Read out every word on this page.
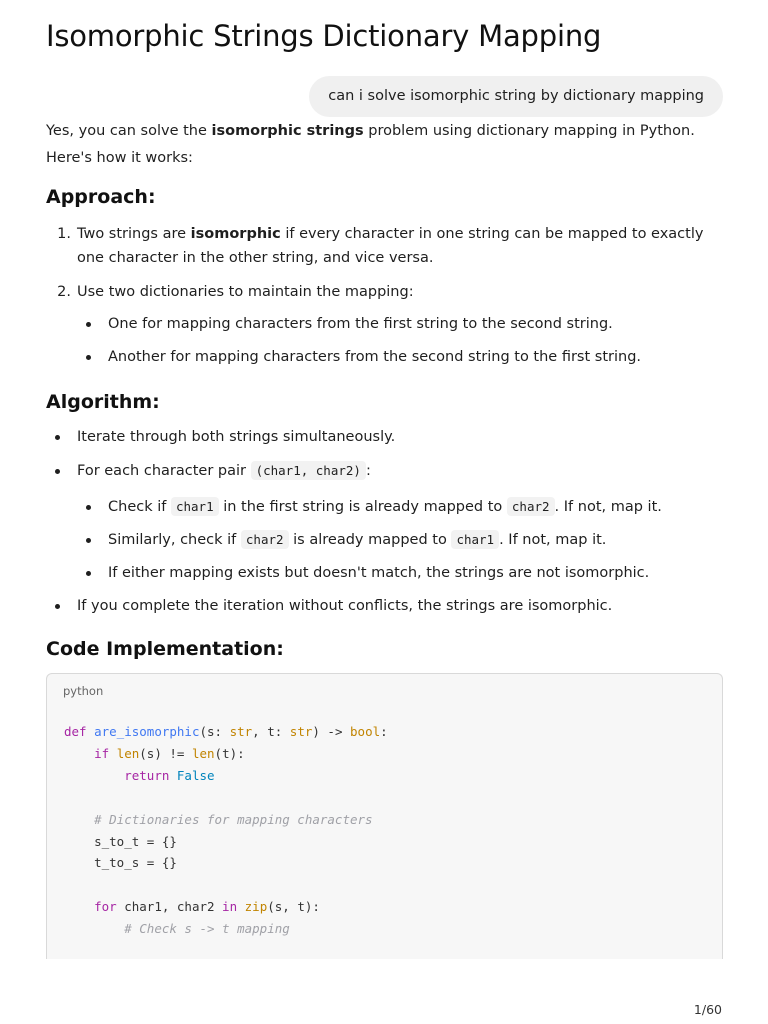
Isomorphic Strings Dictionary Mapping
can i solve isomorphic string by dictionary mapping

Yes, you can solve the isomorphic strings problem using dictionary mapping in Python.
Here's how it works:

Approach:
1. Two strings are isomorphic if every character in one string can be mapped to exactly
one character in the other string, and vice versa.

2. Use two dictionaries to maintain the mapping:

One for mapping characters from the first string to the second string.

Another for mapping characters from the second string to the first string.

Algorithm:

Iterate through both strings simultaneously.

For each character pair (char1, char2) :

Check if char1 in the first string is already mapped to char2 . If not, map it.

Similarly, check if char2 is already mapped to char1 . If not, map it.

If either mapping exists but doesn't match, the strings are not isomorphic.

If you complete the iteration without conflicts, the strings are isomorphic.

Code Implementation:
python
def are_isomorphic(s: str, t: str) -> bool:
if len(s) != len(t):
return False

# Dictionaries for mapping characters
s_to_t = {}
t_to_s = {}

for char1, char2 in zip(s, t):
# Check s -> t mapping
1/60
